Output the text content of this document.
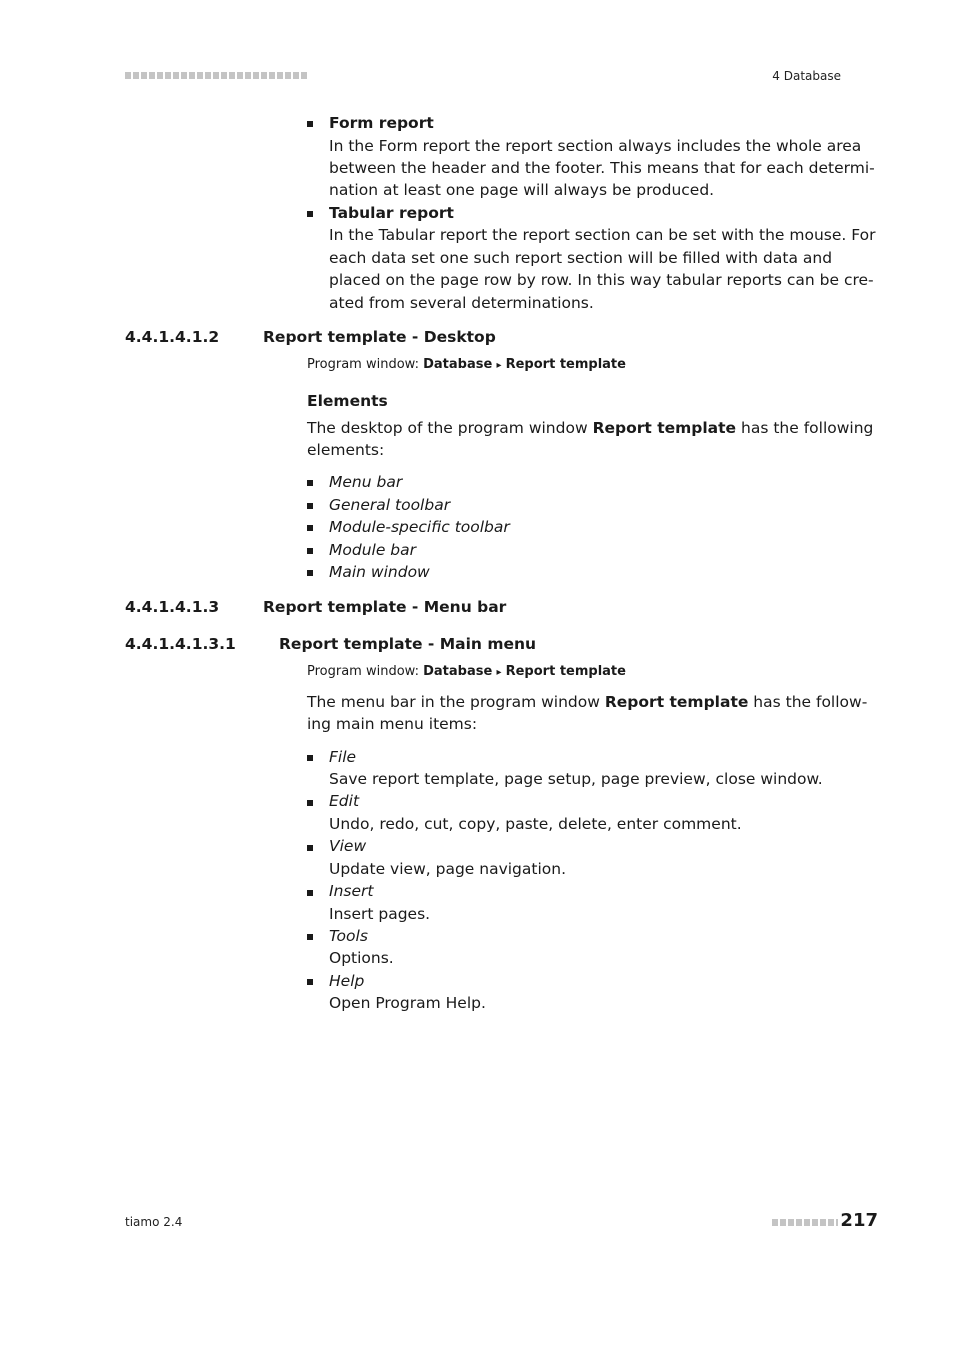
4 Database
Form report
In the Form report the report section always includes the whole area
between the header and the footer. This means that for each determi-
nation at least one page will always be produced.
Tabular report
In the Tabular report the report section can be set with the mouse. For
each data set one such report section will be filled with data and
placed on the page row by row. In this way tabular reports can be cre-
ated from several determinations.
4.4.1.4.1.2	Report template - Desktop
Program window: Database ▸ Report template
Elements
The desktop of the program window Report template has the following
elements:
Menu bar
General toolbar
Module-specific toolbar
Module bar
Main window
4.4.1.4.1.3	Report template - Menu bar
4.4.1.4.1.3.1	Report template - Main menu
Program window: Database ▸ Report template
The menu bar in the program window Report template has the follow-
ing main menu items:
File
Save report template, page setup, page preview, close window.
Edit
Undo, redo, cut, copy, paste, delete, enter comment.
View
Update view, page navigation.
Insert
Insert pages.
Tools
Options.
Help
Open Program Help.
tiamo 2.4	217
